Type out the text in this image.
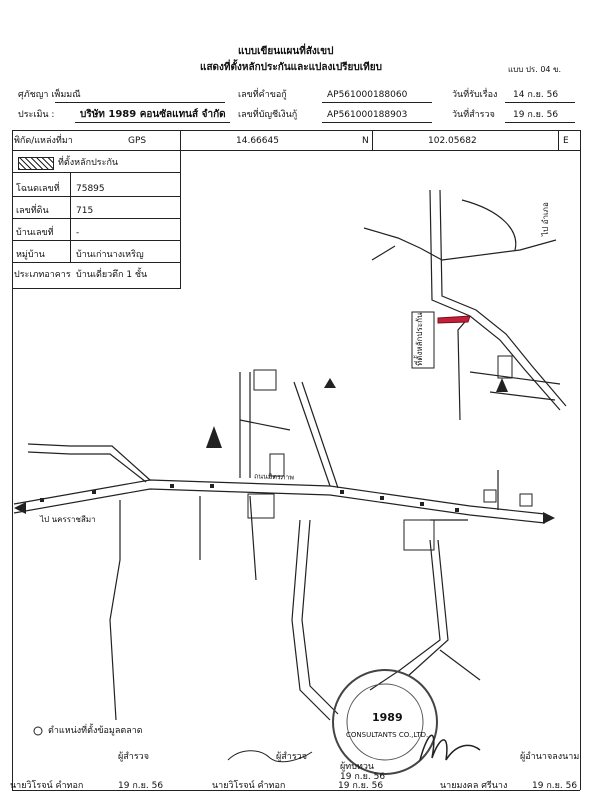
แบบเขียนแผนที่สังเขป
แสดงที่ตั้งหลักประกันและแปลงเปรียบเทียบ	แบบ ปร. 04 ข.
ศุภัชญา เพ็มมณี	เลขที่คำขอกู้	AP561000188060	วันที่รับเรื่อง 14 ก.ย. 56
ประเมิน :	บริษัท 1989 คอนซัลแทนส์ จำกัด เลขที่บัญชีเงินกู้	AP561000188903	วันที่สำรวจ 19 ก.ย. 56
พิกัด/แหล่งที่มา	GPS	14.66645	N	102.05682	E
ที่ตั้งหลักประกัน
โฉนดเลขที่ 75895
เลขที่ดิน	715
บ้านเลขที่ -
หมู่บ้าน	บ้านเก่านางเหริญ
ประเภทอาคาร บ้านเดี่ยวตึก 1 ชั้น
ไป นครราชสีมา
ไป อำเภอ
ถนนมิตรภาพ
ที่ตั้งหลักประกัน
ตำแหน่งที่ตั้งข้อมูลตลาด
1989
CONSULTANTS CO.,LTD.
ผู้สำรวจ
นายวิโรจน์ คำทอก	19 ก.ย. 56
ผู้สำรวจ
นายวิโรจน์ คำทอก	19 ก.ย. 56
ผู้ทบทวน
19 ก.ย. 56
ผู้อำนาจลงนาม
นายมงคล ศรีนาง	19 ก.ย. 56
